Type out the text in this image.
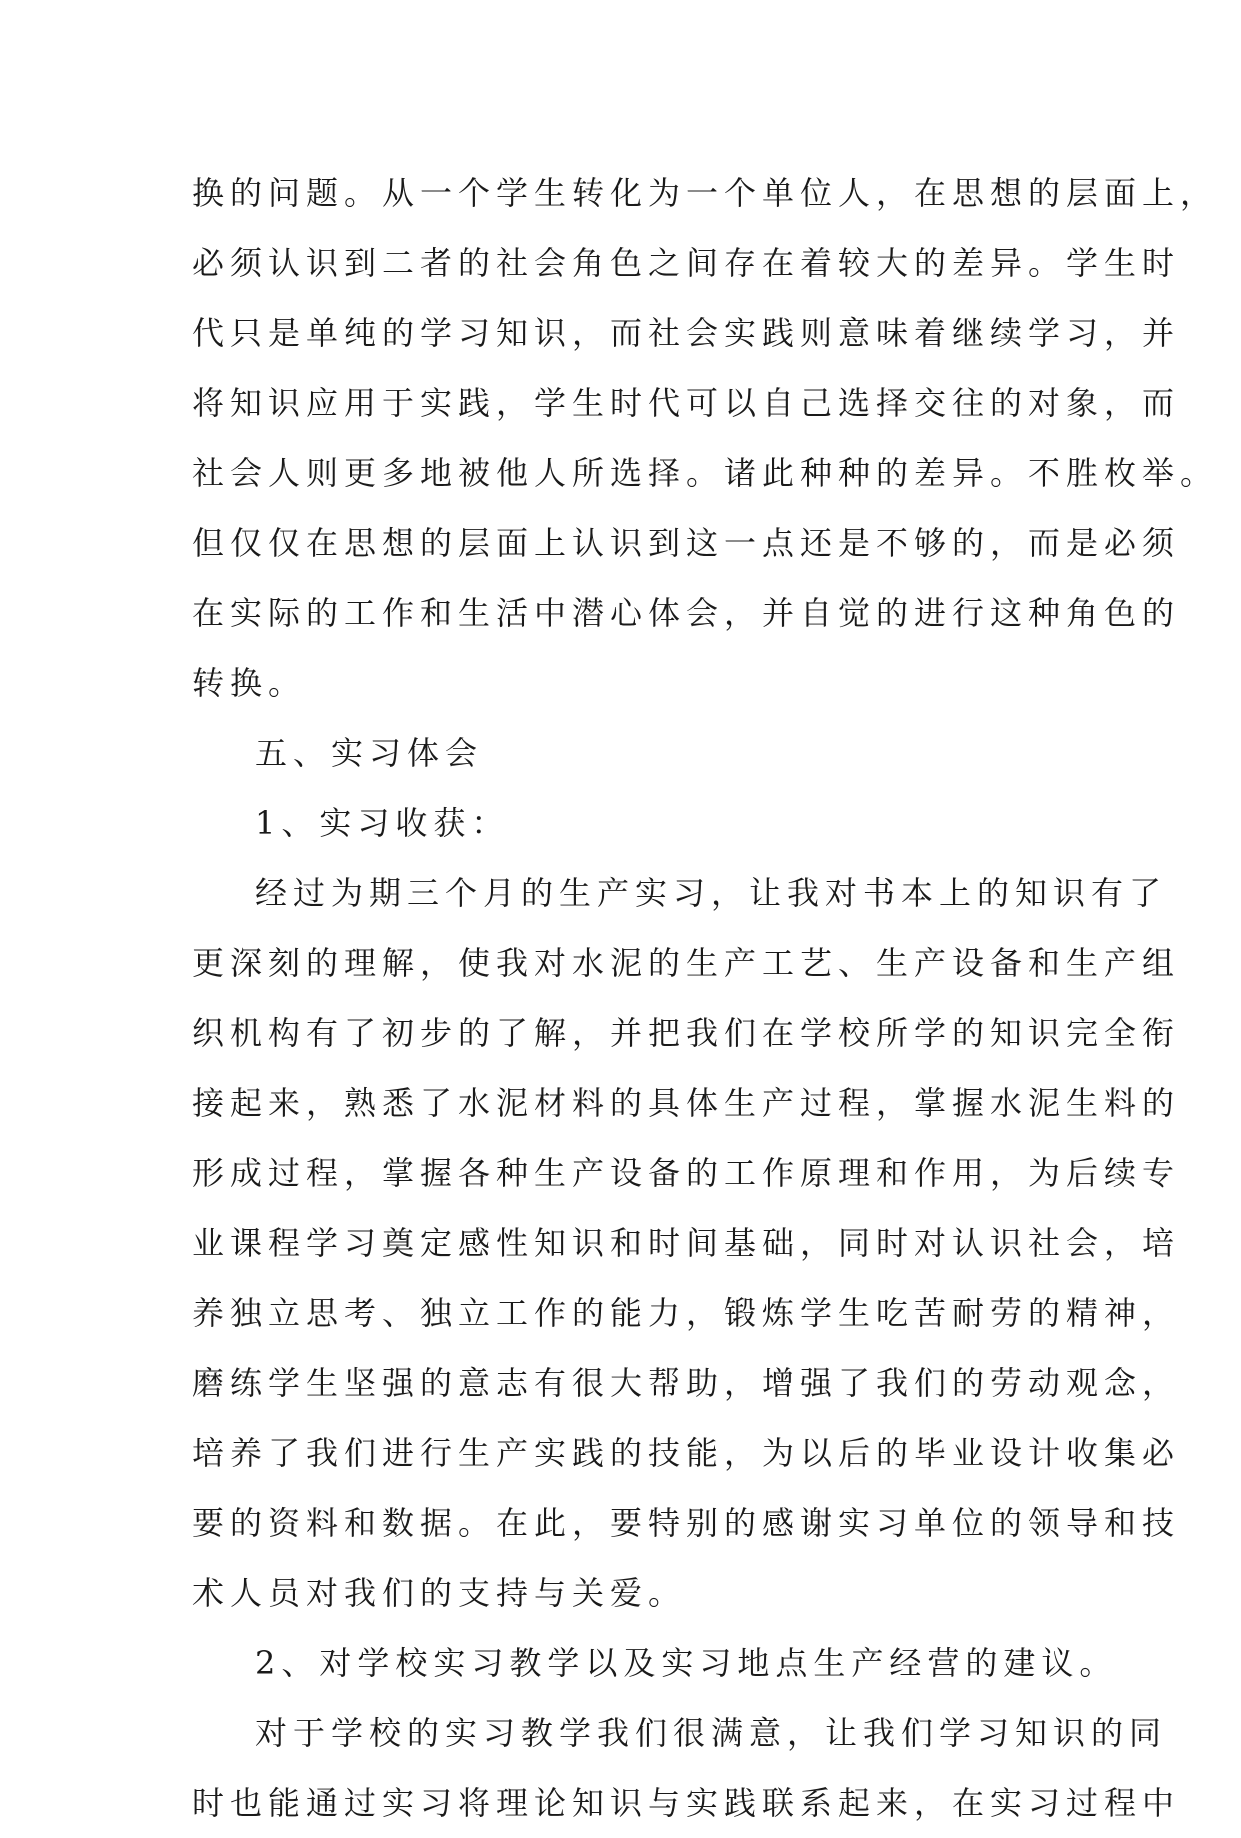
换的问题。从一个学生转化为一个单位人，在思想的层面上，
必须认识到二者的社会角色之间存在着较大的差异。学生时
代只是单纯的学习知识，而社会实践则意味着继续学习，并
将知识应用于实践，学生时代可以自己选择交往的对象，而
社会人则更多地被他人所选择。诸此种种的差异。不胜枚举。
但仅仅在思想的层面上认识到这一点还是不够的，而是必须
在实际的工作和生活中潜心体会，并自觉的进行这种角色的
转换。
五、实习体会
1、实习收获：
经过为期三个月的生产实习，让我对书本上的知识有了
更深刻的理解，使我对水泥的生产工艺、生产设备和生产组
织机构有了初步的了解，并把我们在学校所学的知识完全衔
接起来，熟悉了水泥材料的具体生产过程，掌握水泥生料的
形成过程，掌握各种生产设备的工作原理和作用，为后续专
业课程学习奠定感性知识和时间基础，同时对认识社会，培
养独立思考、独立工作的能力，锻炼学生吃苦耐劳的精神，
磨练学生坚强的意志有很大帮助，增强了我们的劳动观念，
培养了我们进行生产实践的技能，为以后的毕业设计收集必
要的资料和数据。在此，要特别的感谢实习单位的领导和技
术人员对我们的支持与关爱。
2、对学校实习教学以及实习地点生产经营的建议。
对于学校的实习教学我们很满意，让我们学习知识的同
时也能通过实习将理论知识与实践联系起来，在实习过程中
